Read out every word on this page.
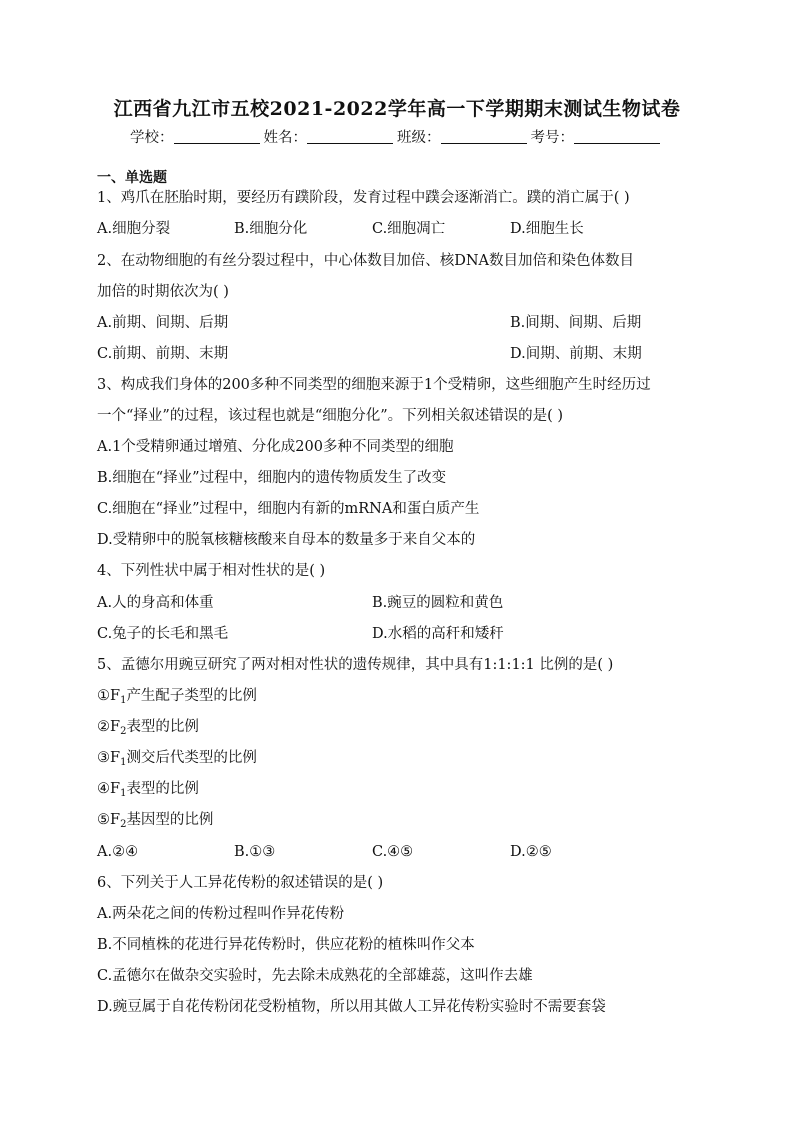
江西省九江市五校2021-2022学年高一下学期期末测试生物试卷
学校：	姓名：	班级：	考号：
一、单选题
1、鸡爪在胚胎时期，要经历有蹼阶段，发育过程中蹼会逐渐消亡。蹼的消亡属于( )
A.细胞分裂	B.细胞分化	C.细胞凋亡	D.细胞生长
2、在动物细胞的有丝分裂过程中，中心体数目加倍、核DNA数目加倍和染色体数目
加倍的时期依次为( )
A.前期、间期、后期	B.间期、间期、后期
C.前期、前期、末期	D.间期、前期、末期
3、构成我们身体的200多种不同类型的细胞来源于1个受精卵，这些细胞产生时经历过
一个“择业”的过程，该过程也就是“细胞分化”。下列相关叙述错误的是( )
A.1个受精卵通过增殖、分化成200多种不同类型的细胞
B.细胞在“择业”过程中，细胞内的遗传物质发生了改变
C.细胞在“择业”过程中，细胞内有新的mRNA和蛋白质产生
D.受精卵中的脱氧核糖核酸来自母本的数量多于来自父本的
4、下列性状中属于相对性状的是( )
A.人的身高和体重	B.豌豆的圆粒和黄色
C.兔子的长毛和黑毛	D.水稻的高秆和矮秆
5、孟德尔用豌豆研究了两对相对性状的遗传规律，其中具有1:1:1:1 比例的是( )
$①F_1$产生配子类型的比例
$②F_2$表型的比例
$③F_1$测交后代类型的比例
$④F_1$表型的比例
$⑤F_2$基因型的比例
A.②④	B.①③	C.④⑤	D.②⑤
6、下列关于人工异花传粉的叙述错误的是( )
A.两朵花之间的传粉过程叫作异花传粉
B.不同植株的花进行异花传粉时，供应花粉的植株叫作父本
C.孟德尔在做杂交实验时，先去除未成熟花的全部雄蕊，这叫作去雄
D.豌豆属于自花传粉闭花受粉植物，所以用其做人工异花传粉实验时不需要套袋
